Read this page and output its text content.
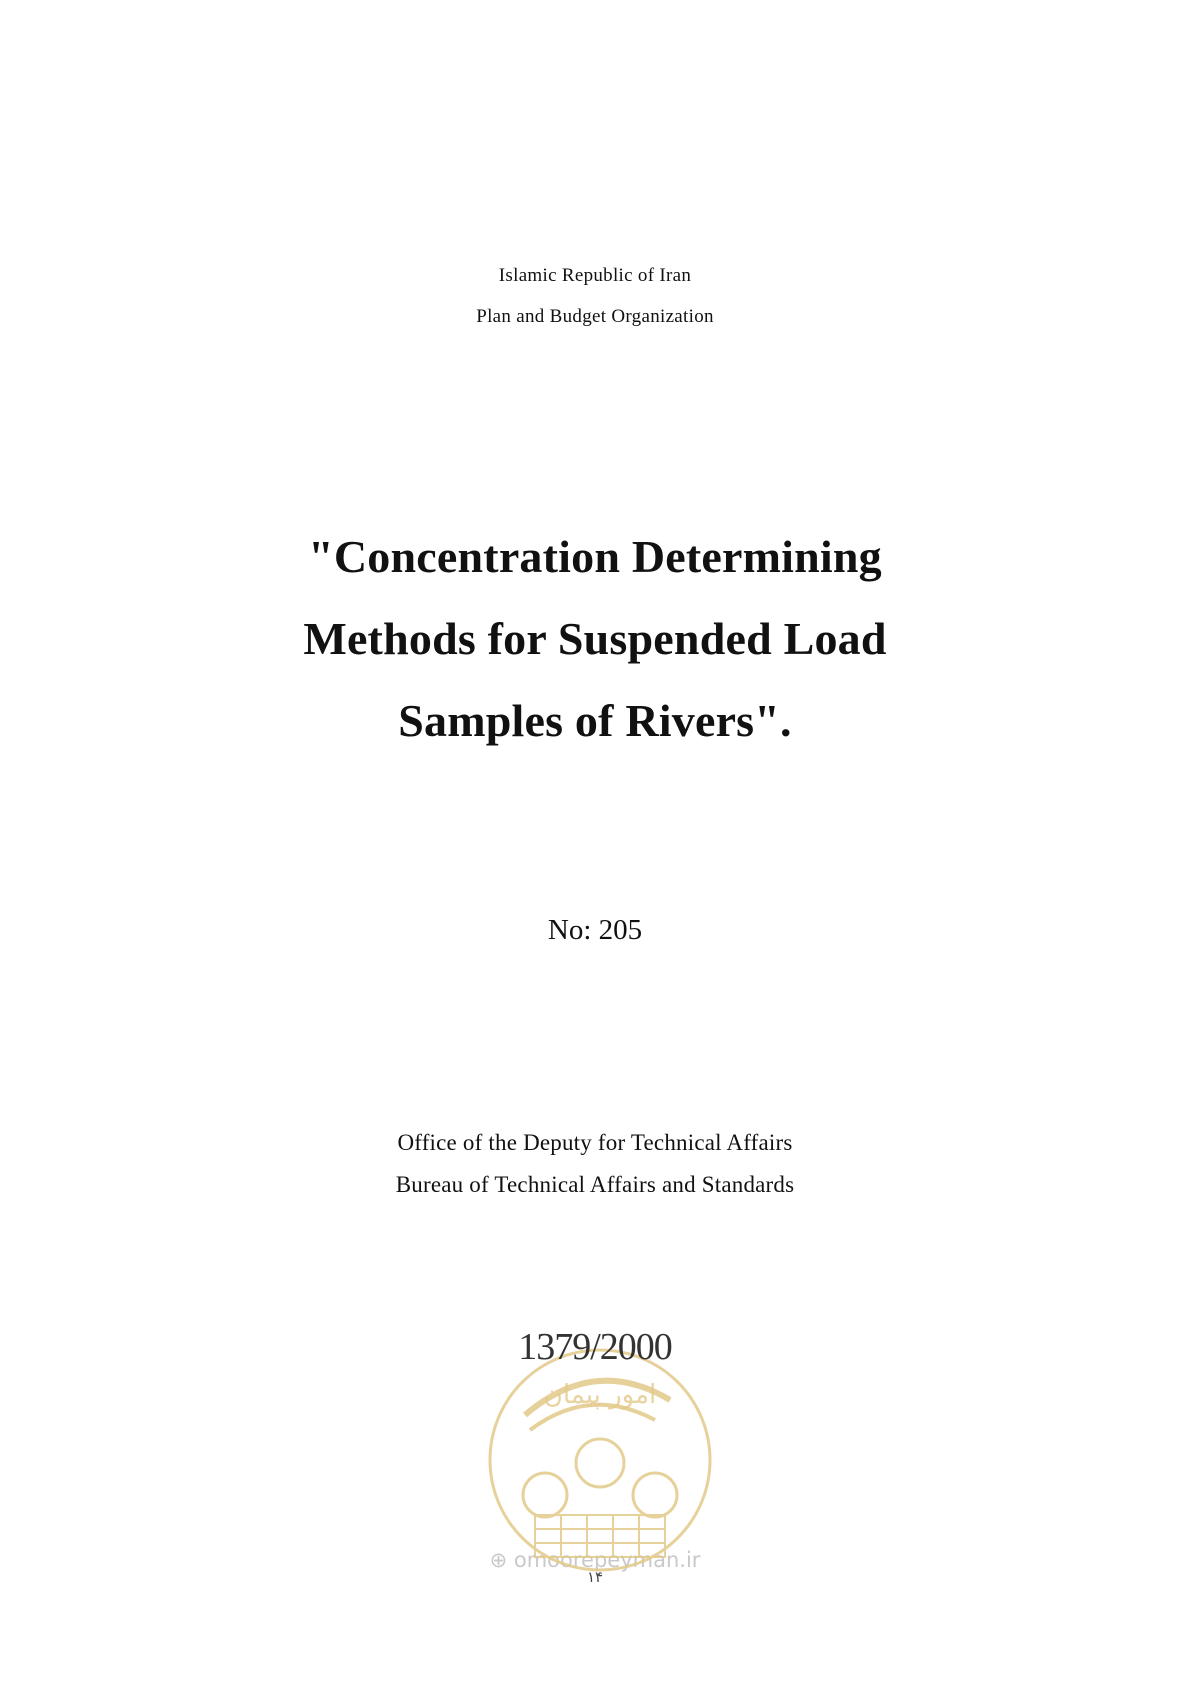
Islamic Republic of Iran
Plan and Budget Organization
"Concentration Determining
Methods for Suspended Load
Samples of Rivers".
No: 205
Office of the Deputy for Technical Affairs
Bureau of Technical Affairs and Standards
1379/2000
امور پیمان
⊕ omoorepeyman.ir
۱۴
